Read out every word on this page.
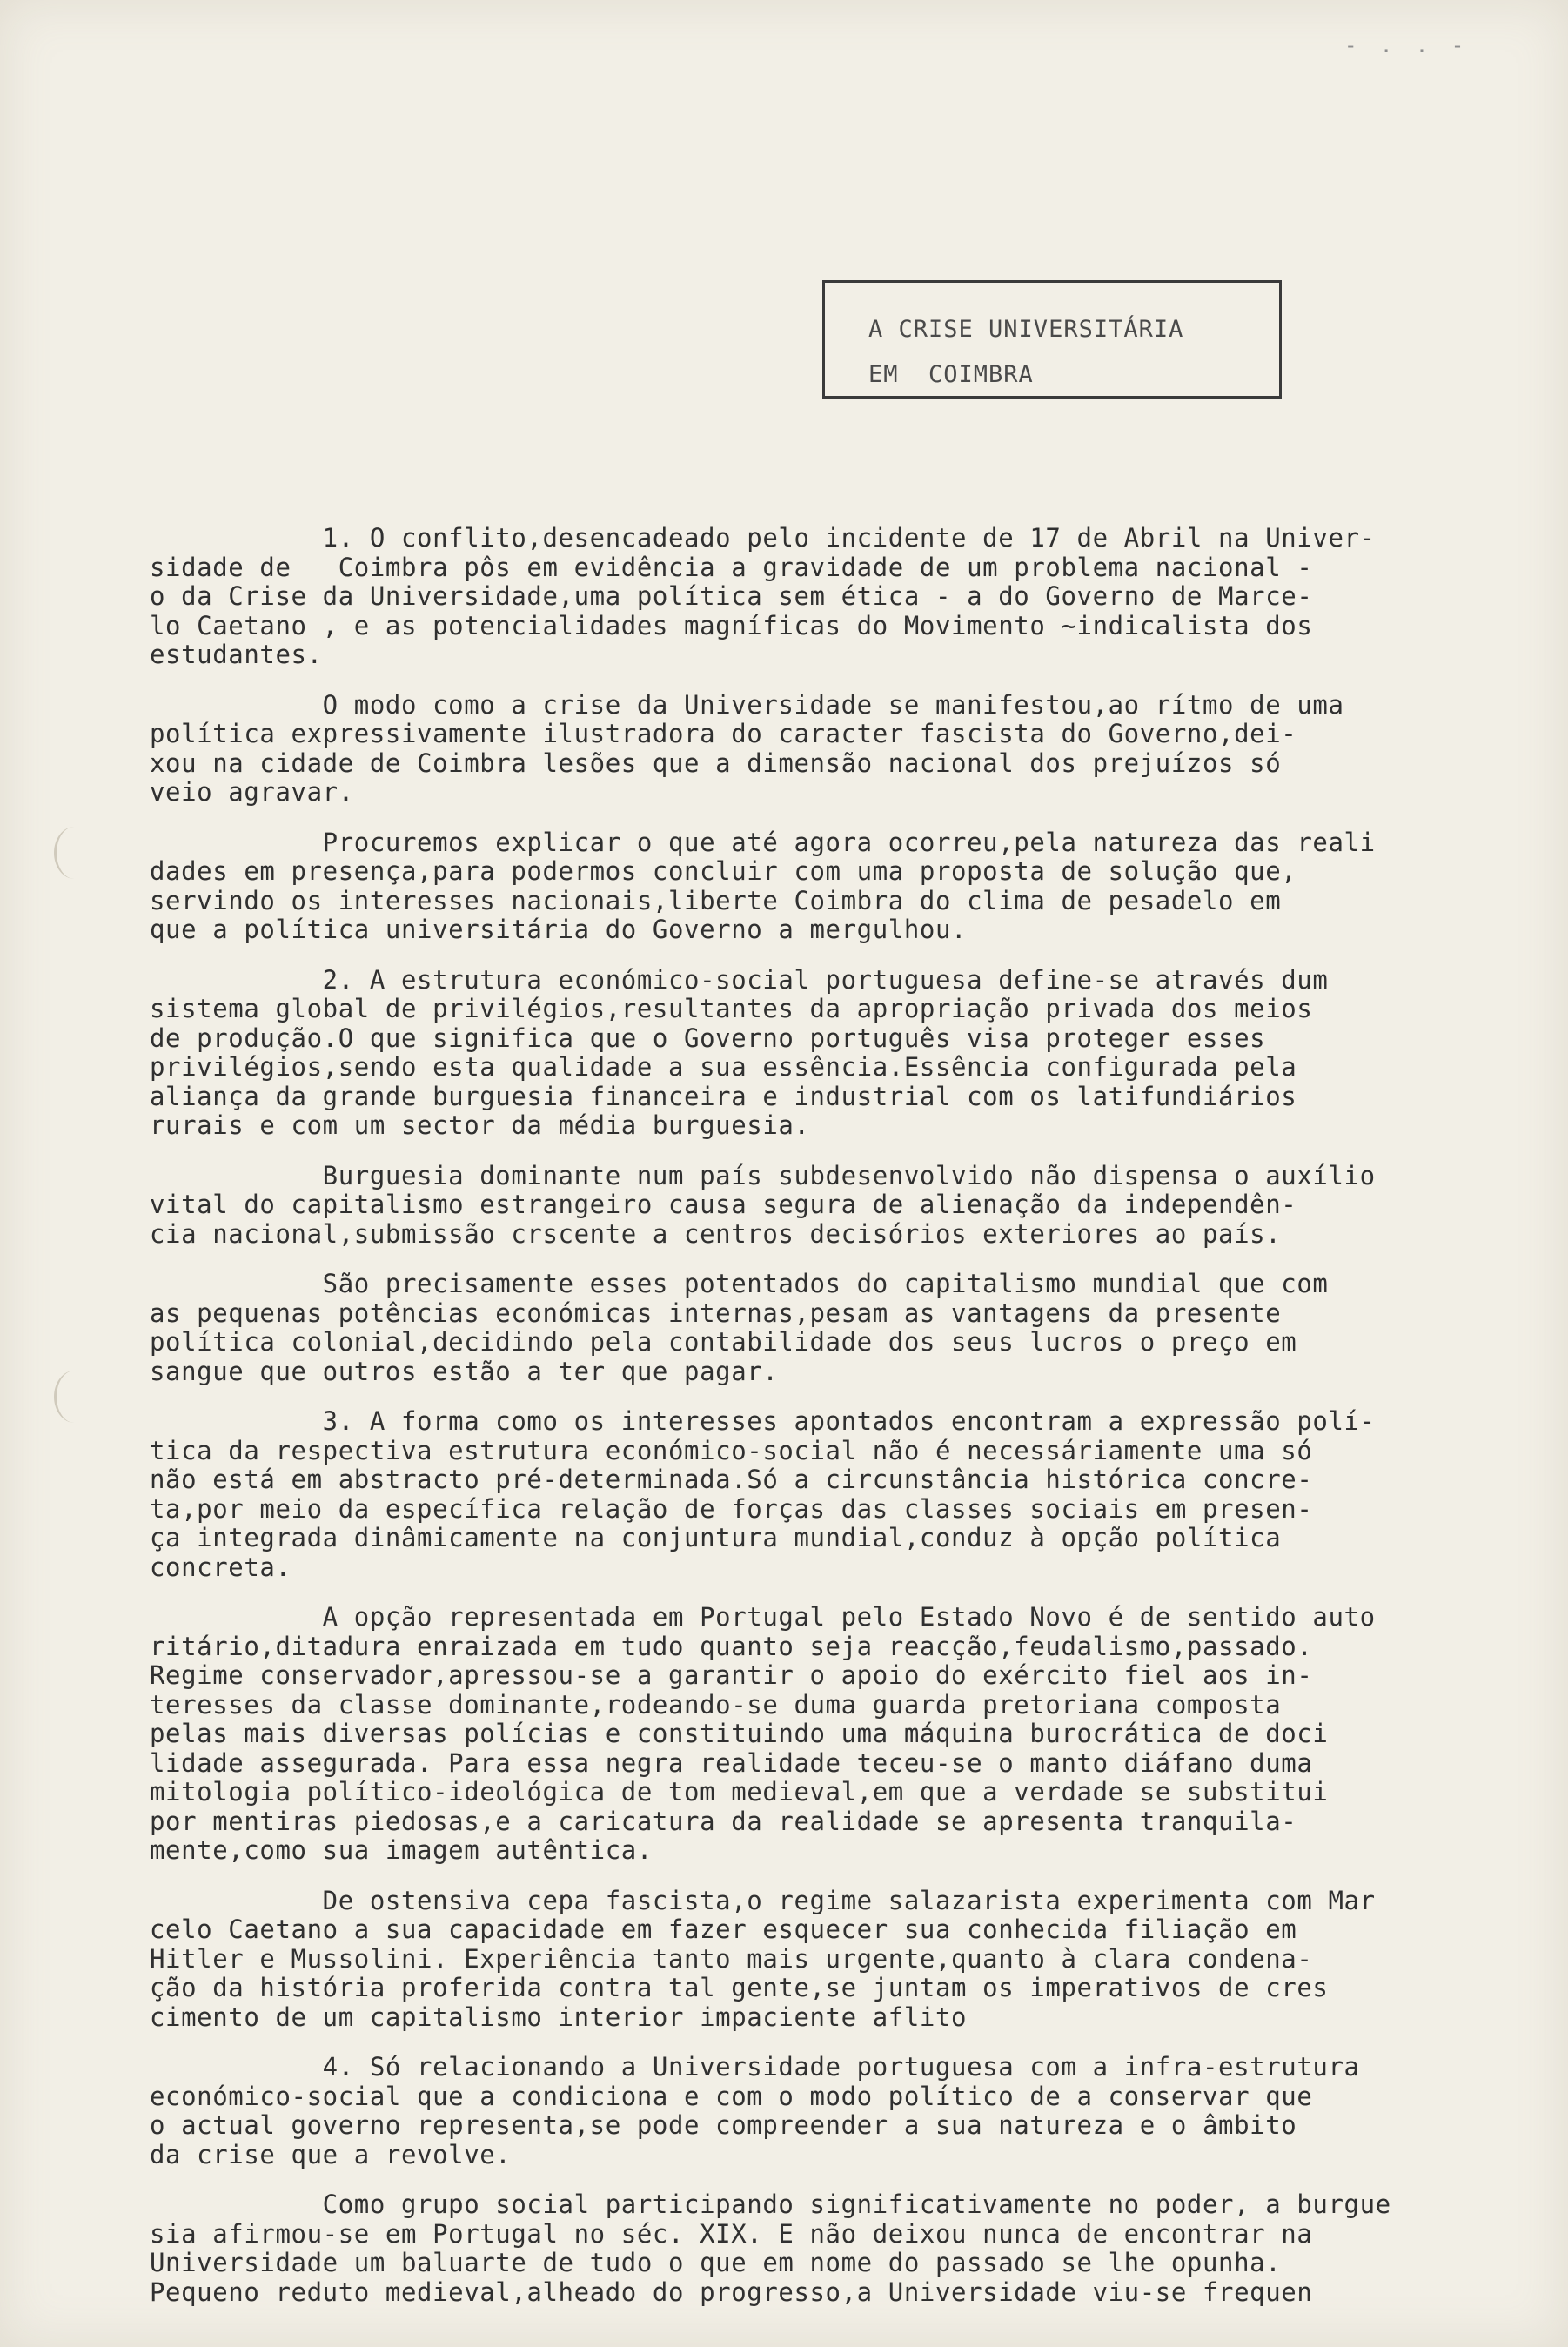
- . . -
A CRISE UNIVERSITÁRIA
EM  COIMBRA
1. O conflito,desencadeado pelo incidente de 17 de Abril na Univer-
sidade de   Coimbra pôs em evidência a gravidade de um problema nacional -
o da Crise da Universidade,uma política sem ética - a do Governo de Marce-
lo Caetano , e as potencialidades magníficas do Movimento ~indicalista dos
estudantes.
O modo como a crise da Universidade se manifestou,ao rítmo de uma
política expressivamente ilustradora do caracter fascista do Governo,dei-
xou na cidade de Coimbra lesões que a dimensão nacional dos prejuízos só
veio agravar.
Procuremos explicar o que até agora ocorreu,pela natureza das reali
dades em presença,para podermos concluir com uma proposta de solução que,
servindo os interesses nacionais,liberte Coimbra do clima de pesadelo em
que a política universitária do Governo a mergulhou.
2. A estrutura económico-social portuguesa define-se através dum
sistema global de privilégios,resultantes da apropriação privada dos meios
de produção.O que significa que o Governo português visa proteger esses
privilégios,sendo esta qualidade a sua essência.Essência configurada pela
aliança da grande burguesia financeira e industrial com os latifundiários
rurais e com um sector da média burguesia.
Burguesia dominante num país subdesenvolvido não dispensa o auxílio
vital do capitalismo estrangeiro causa segura de alienação da independên-
cia nacional,submissão crscente a centros decisórios exteriores ao país.
São precisamente esses potentados do capitalismo mundial que com
as pequenas potências económicas internas,pesam as vantagens da presente
política colonial,decidindo pela contabilidade dos seus lucros o preço em
sangue que outros estão a ter que pagar.
3. A forma como os interesses apontados encontram a expressão polí-
tica da respectiva estrutura económico-social não é necessáriamente uma só
não está em abstracto pré-determinada.Só a circunstância histórica concre-
ta,por meio da específica relação de forças das classes sociais em presen-
ça integrada dinâmicamente na conjuntura mundial,conduz à opção política
concreta.
A opção representada em Portugal pelo Estado Novo é de sentido auto
ritário,ditadura enraizada em tudo quanto seja reacção,feudalismo,passado.
Regime conservador,apressou-se a garantir o apoio do exército fiel aos in-
teresses da classe dominante,rodeando-se duma guarda pretoriana composta
pelas mais diversas polícias e constituindo uma máquina burocrática de doci
lidade assegurada. Para essa negra realidade teceu-se o manto diáfano duma
mitologia político-ideológica de tom medieval,em que a verdade se substitui
por mentiras piedosas,e a caricatura da realidade se apresenta tranquila-
mente,como sua imagem autêntica.
De ostensiva cepa fascista,o regime salazarista experimenta com Mar
celo Caetano a sua capacidade em fazer esquecer sua conhecida filiação em
Hitler e Mussolini. Experiência tanto mais urgente,quanto à clara condena-
ção da história proferida contra tal gente,se juntam os imperativos de cres
cimento de um capitalismo interior impaciente aflito
4. Só relacionando a Universidade portuguesa com a infra-estrutura
económico-social que a condiciona e com o modo político de a conservar que
o actual governo representa,se pode compreender a sua natureza e o âmbito
da crise que a revolve.
Como grupo social participando significativamente no poder, a burgue
sia afirmou-se em Portugal no séc. XIX. E não deixou nunca de encontrar na
Universidade um baluarte de tudo o que em nome do passado se lhe opunha.
Pequeno reduto medieval,alheado do progresso,a Universidade viu-se frequen
